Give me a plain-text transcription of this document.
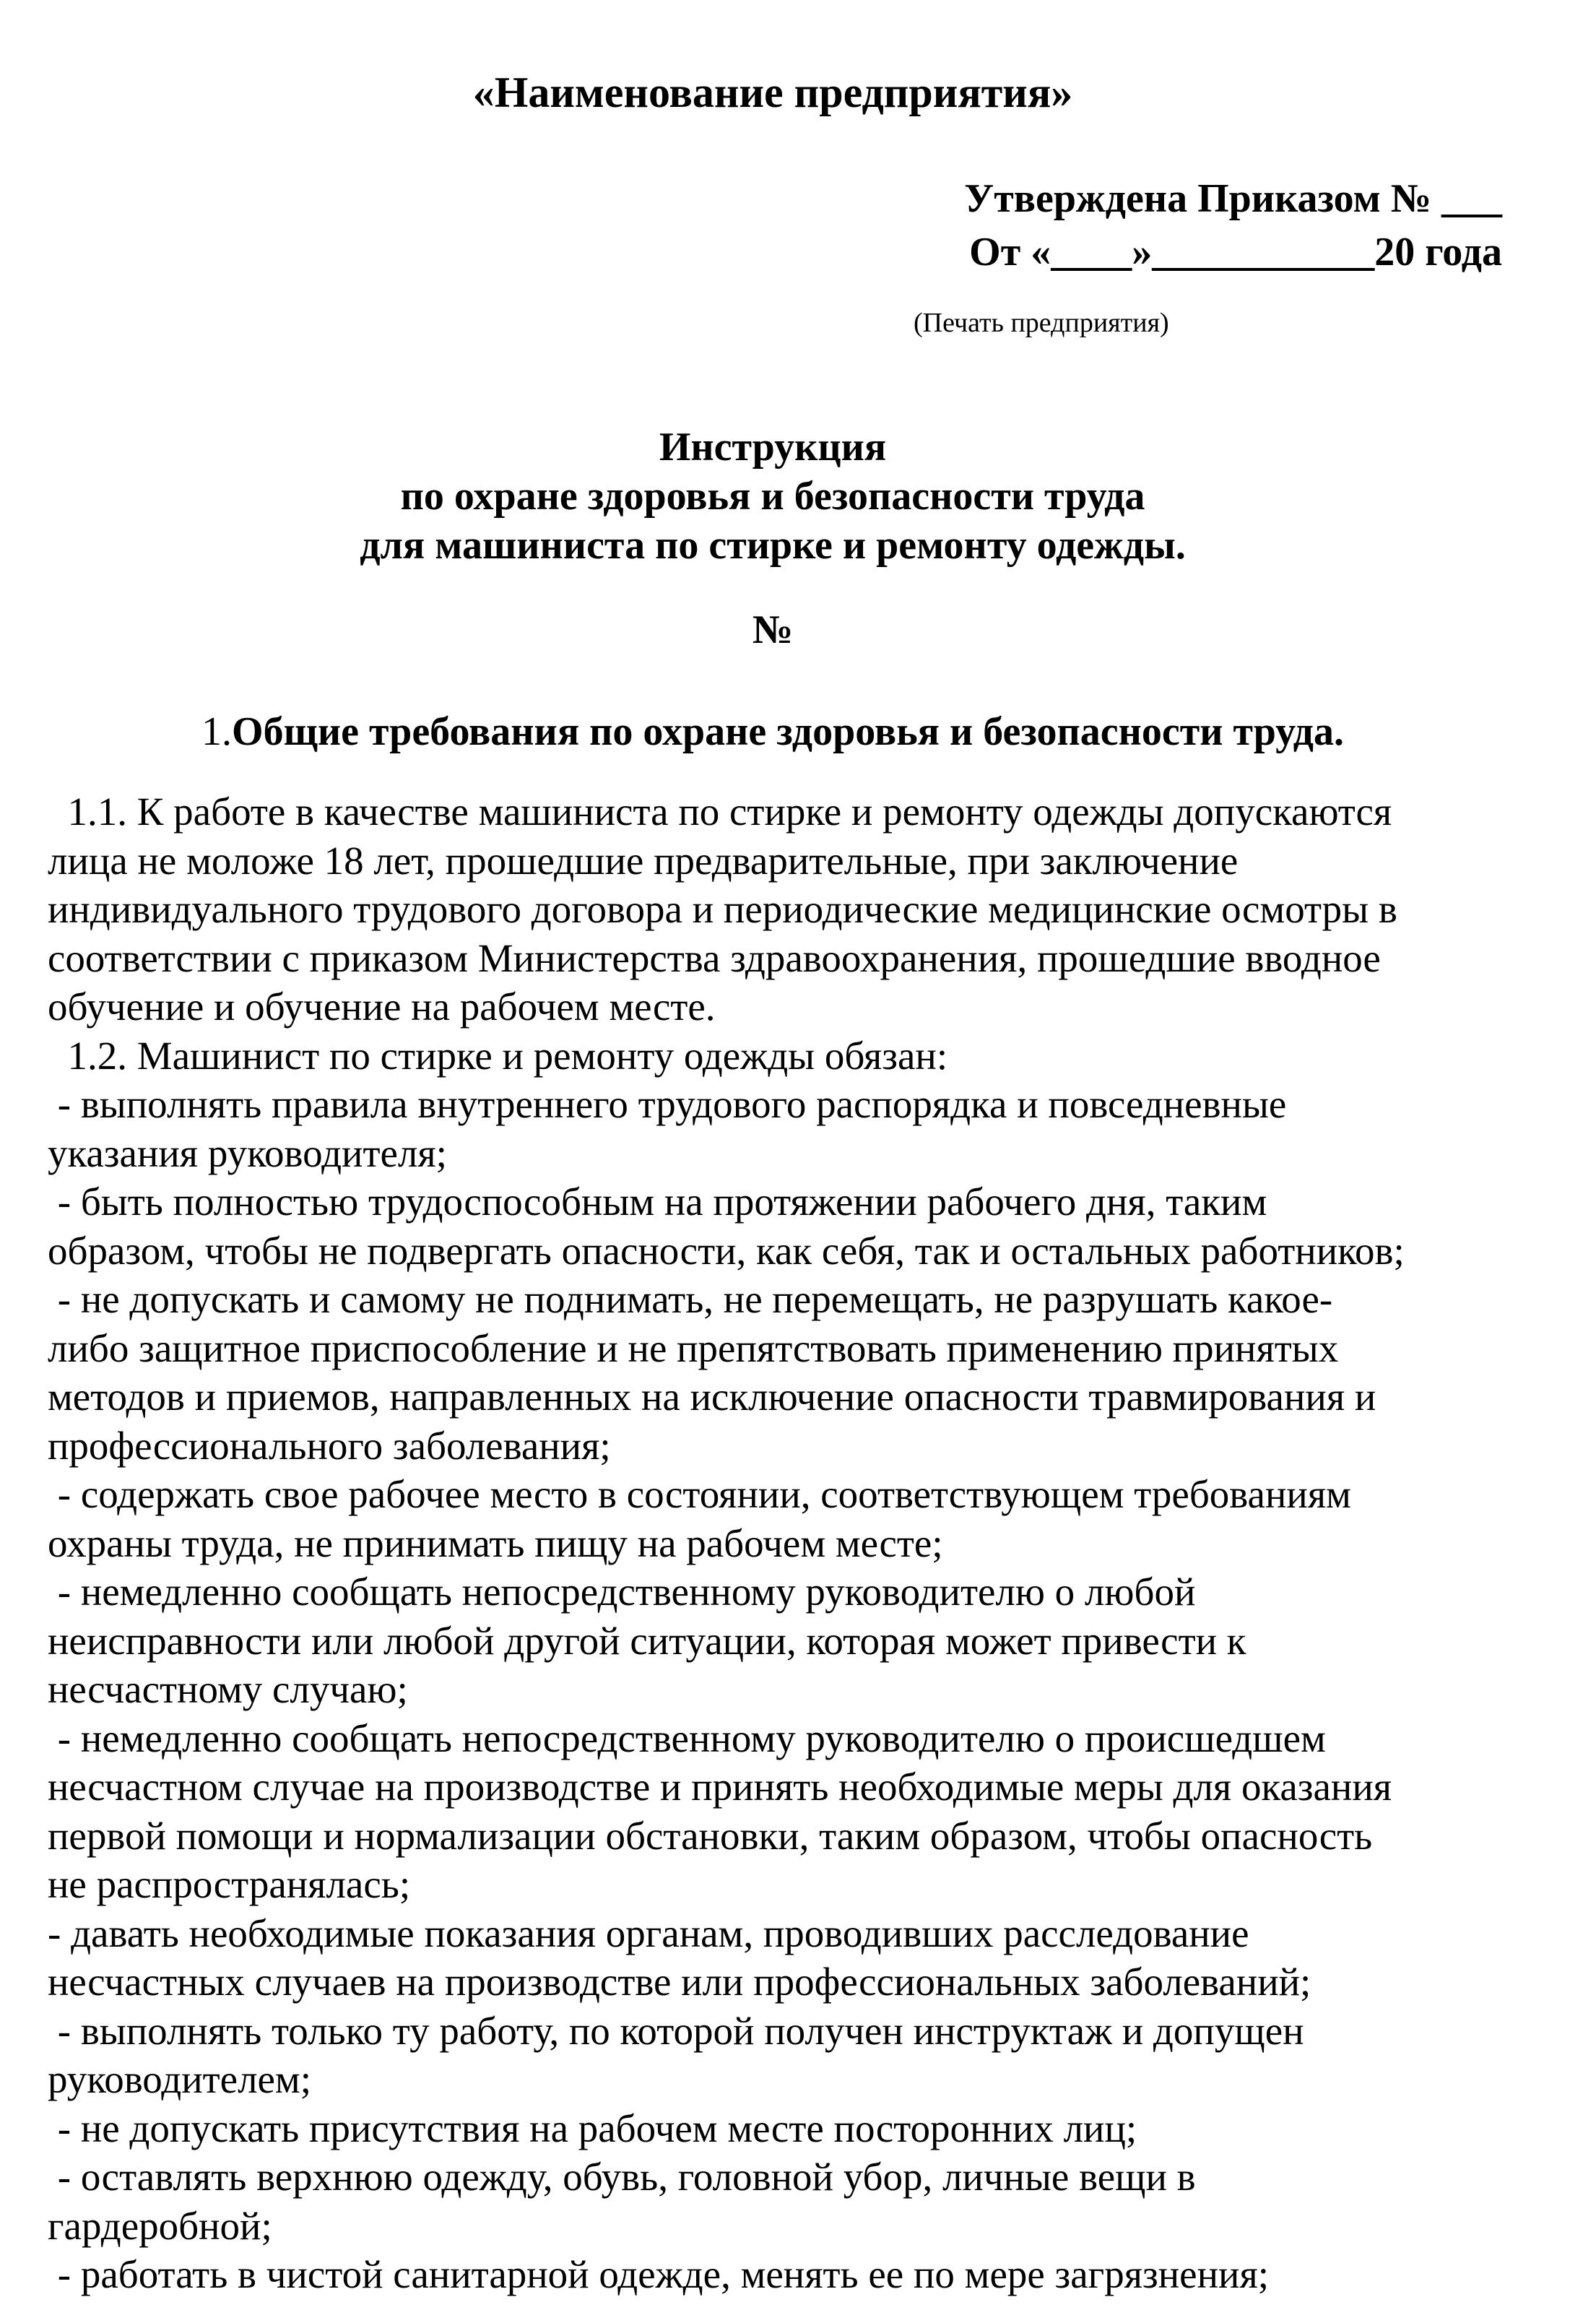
«Наименование предприятия»
Утверждена Приказом № ___
От «____»___________20 года
(Печать предприятия)
Инструкция
по охране здоровья и безопасности труда
для машиниста по стирке и ремонту одежды.
№
1.Общие требования по охране здоровья и безопасности труда.
1.1. К работе в качестве машиниста по стирке и ремонту одежды допускаются
лица не моложе 18 лет, прошедшие предварительные, при заключение
индивидуального трудового договора и периодические медицинские осмотры в
соответствии с приказом Министерства здравоохранения, прошедшие вводное
обучение и обучение на рабочем месте.
1.2. Машинист по стирке и ремонту одежды обязан:
- выполнять правила внутреннего трудового распорядка и повседневные
указания руководителя;
- быть полностью трудоспособным на протяжении рабочего дня, таким
образом, чтобы не подвергать опасности, как себя, так и остальных работников;
- не допускать и самому не поднимать, не перемещать, не разрушать какое-
либо защитное приспособление и не препятствовать применению принятых
методов и приемов, направленных на исключение опасности травмирования и
профессионального заболевания;
- содержать свое рабочее место в состоянии, соответствующем требованиям
охраны труда, не принимать пищу на рабочем месте;
- немедленно сообщать непосредственному руководителю о любой
неисправности или любой другой ситуации, которая может привести к
несчастному случаю;
- немедленно сообщать непосредственному руководителю о происшедшем
несчастном случае на производстве и принять необходимые меры для оказания
первой помощи и нормализации обстановки, таким образом, чтобы опасность
не распространялась;
- давать необходимые показания органам, проводивших расследование
несчастных случаев на производстве или профессиональных заболеваний;
- выполнять только ту работу, по которой получен инструктаж и допущен
руководителем;
- не допускать присутствия на рабочем месте посторонних лиц;
- оставлять верхнюю одежду, обувь, головной убор, личные вещи в
гардеробной;
- работать в чистой санитарной одежде, менять ее по мере загрязнения;
